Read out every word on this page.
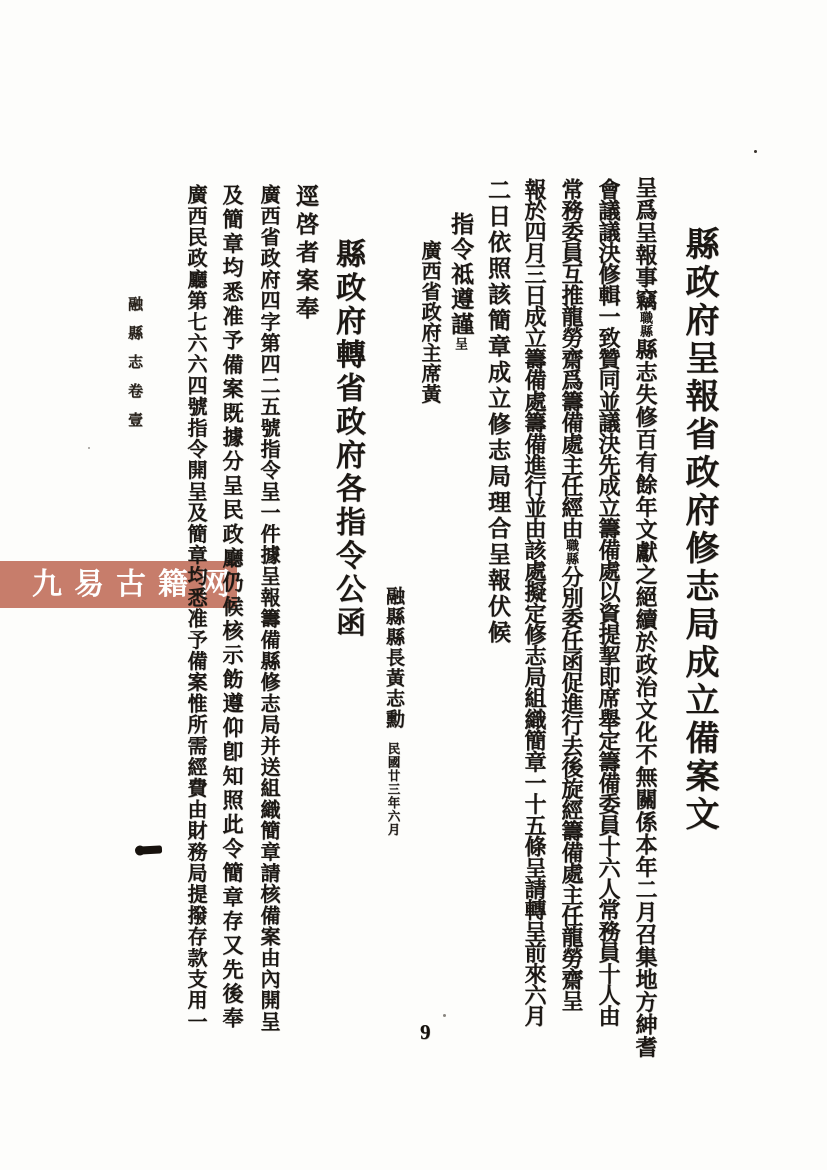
九易古籍网	縣政府呈報省政府修志局成立備案文
呈爲呈報事竊職縣縣志失修百有餘年文獻之絕續於政治文化不無關係本年二月召集地方紳耆
會議議決修輯一致贊同並議決先成立籌備處以資提挈即席舉定籌備委員十六人常務員十人由
常務委員互推龍勞齋爲籌備處主任經由職縣分別委任函促進行去後旋經籌備處主任龍勞齋呈
報於四月三日成立籌備處籌備進行並由該處擬定修志局組織簡章一十五條呈請轉呈前來六月
二日依照該簡章成立修志局理合呈報伏候
指令祗遵謹呈
廣西省政府主席黃
融縣縣長黃志勳民國廿三年六月
縣政府轉省政府各指令公函
逕啓者案奉
廣西省政府四字第四二五號指令呈一件據呈報籌備縣修志局并送組織簡章請核備案由內開呈
及簡章均悉准予備案既據分呈民政廳仍候核示飭遵仰卽知照此令簡章存又先後奉
廣西民政廳第七六六四號指令開呈及簡章均悉准予備案惟所需經費由財務局提撥存款支用一
融縣志卷壹
9
